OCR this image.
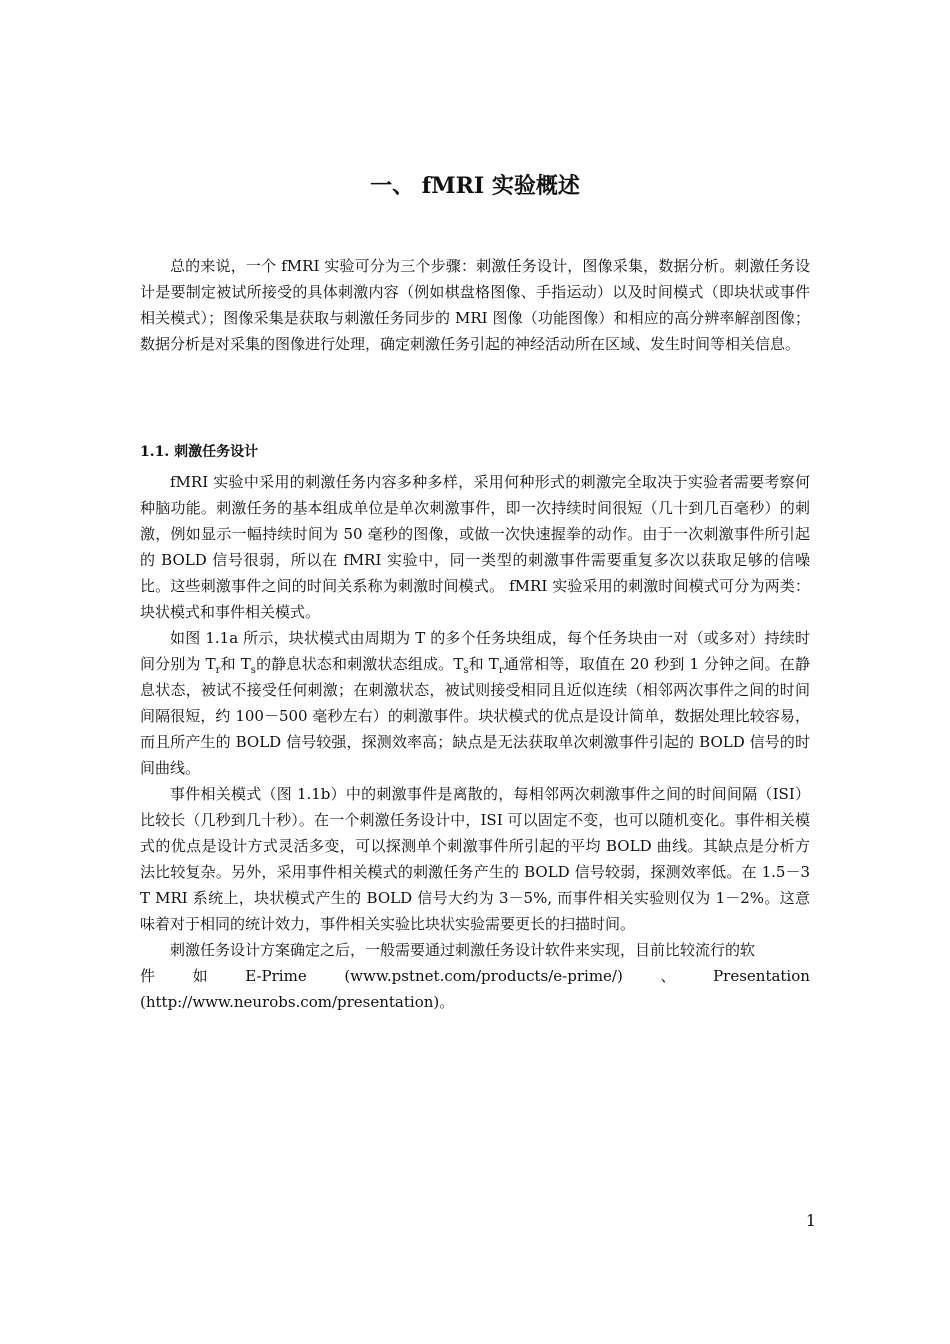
一、 fMRI 实验概述

总的来说，一个 fMRI 实验可分为三个步骤：刺激任务设计，图像采集，数据分析。刺激任务设计是要制定被试所接受的具体刺激内容（例如棋盘格图像、手指运动）以及时间模式（即块状或事件相关模式）；图像采集是获取与刺激任务同步的 MRI 图像（功能图像）和相应的高分辨率解剖图像；数据分析是对采集的图像进行处理，确定刺激任务引起的神经活动所在区域、发生时间等相关信息。

1.1. 刺激任务设计

fMRI 实验中采用的刺激任务内容多种多样，采用何种形式的刺激完全取决于实验者需要考察何种脑功能。刺激任务的基本组成单位是单次刺激事件，即一次持续时间很短（几十到几百毫秒）的刺激，例如显示一幅持续时间为 50 毫秒的图像，或做一次快速握拳的动作。由于一次刺激事件所引起的 BOLD 信号很弱，所以在 fMRI 实验中，同一类型的刺激事件需要重复多次以获取足够的信噪比。这些刺激事件之间的时间关系称为刺激时间模式。 fMRI 实验采用的刺激时间模式可分为两类：块状模式和事件相关模式。

如图 1.1a 所示，块状模式由周期为 T 的多个任务块组成，每个任务块由一对（或多对）持续时间分别为 $T_r$和 $T_s$的静息状态和刺激状态组成。$T_s$和 $T_r$通常相等，取值在 20 秒到 1 分钟之间。在静息状态，被试不接受任何刺激；在刺激状态，被试则接受相同且近似连续（相邻两次事件之间的时间间隔很短，约 100－500 毫秒左右）的刺激事件。块状模式的优点是设计简单，数据处理比较容易，而且所产生的 BOLD 信号较强，探测效率高；缺点是无法获取单次刺激事件引起的 BOLD 信号的时间曲线。

事件相关模式（图 1.1b）中的刺激事件是离散的，每相邻两次刺激事件之间的时间间隔（ISI）比较长（几秒到几十秒）。在一个刺激任务设计中，ISI 可以固定不变，也可以随机变化。事件相关模式的优点是设计方式灵活多变，可以探测单个刺激事件所引起的平均 BOLD 曲线。其缺点是分析方法比较复杂。另外，采用事件相关模式的刺激任务产生的 BOLD 信号较弱，探测效率低。在 1.5－3 T MRI 系统上，块状模式产生的 BOLD 信号大约为 3－5%, 而事件相关实验则仅为 1－2%。这意味着对于相同的统计效力，事件相关实验比块状实验需要更长的扫描时间。

刺激任务设计方案确定之后，一般需要通过刺激任务设计软件来实现，目前比较流行的软
件	如	E-Prime	(www.pstnet.com/products/e-prime/)	、	Presentation
(http://www.neurobs.com/presentation)。
1
